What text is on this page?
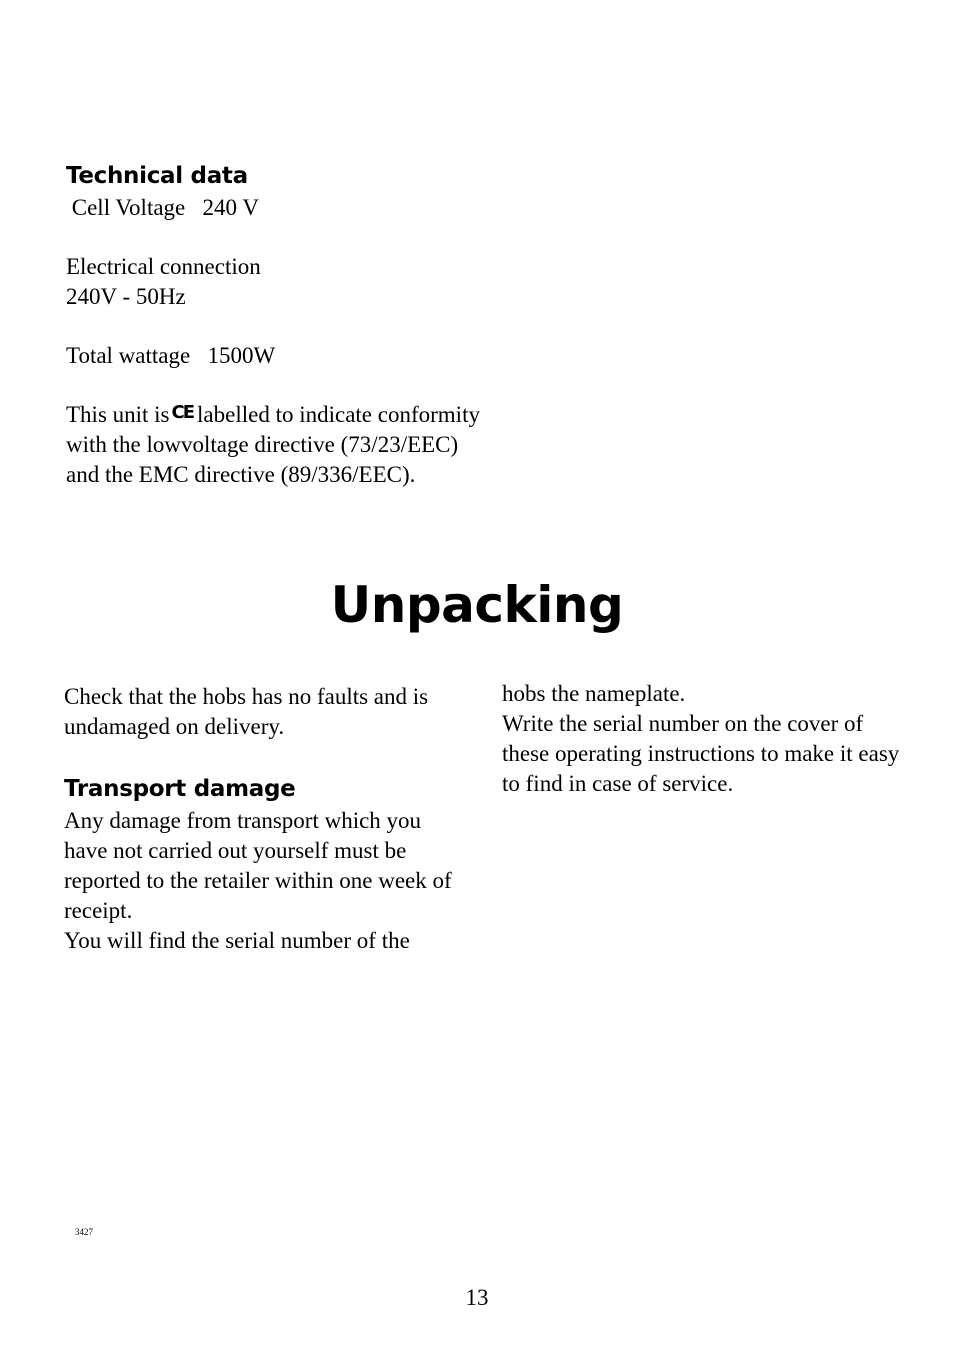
Technical data
Cell Voltage   240 V
Electrical connection
240V - 50Hz
Total wattage   1500W
This unit is CE labelled to indicate conformity with the lowvoltage directive (73/23/EEC) and the EMC directive (89/336/EEC).
Unpacking

Check that the hobs has no faults and is undamaged on delivery.

Transport damage

Any damage from transport which you have not carried out yourself must be reported to the retailer within one week of receipt.

You will find the serial number of the

hobs the nameplate.

Write the serial number on the cover of these operating instructions to make it easy to find in case of service.

3427
13
